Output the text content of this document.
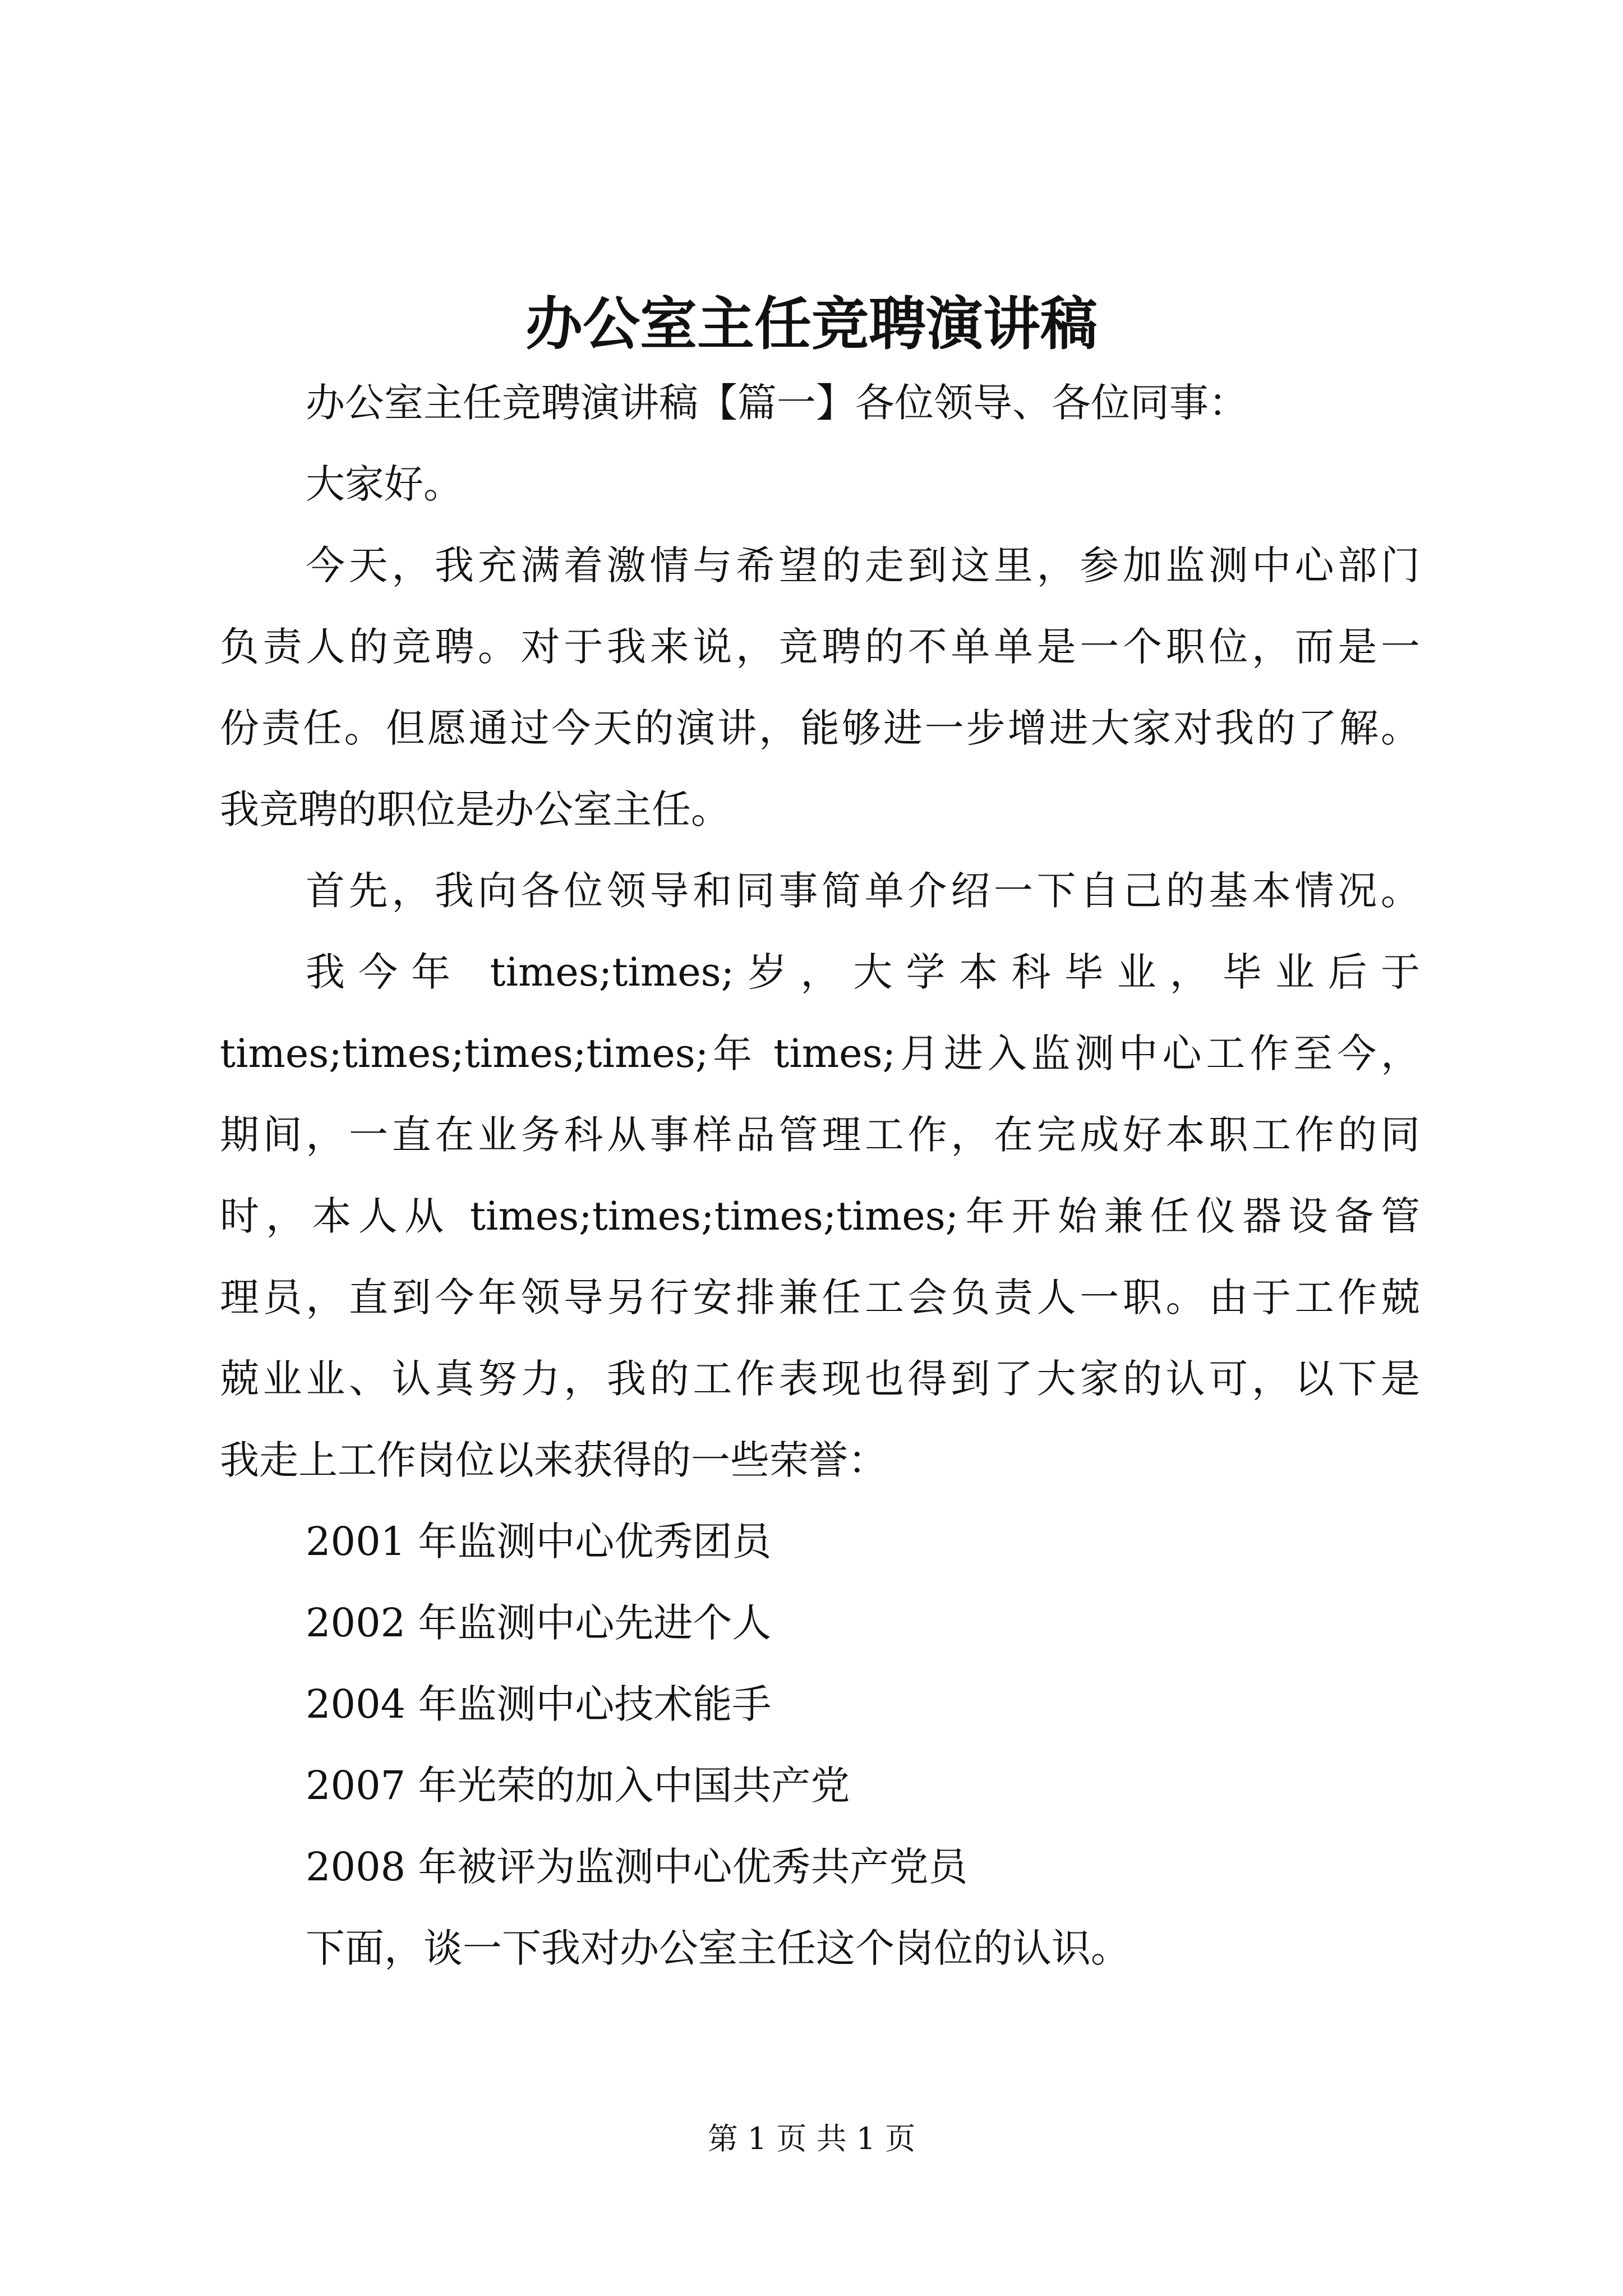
办公室主任竞聘演讲稿

办公室主任竞聘演讲稿【篇一】各位领导、各位同事：

大家好。

今天，我充满着激情与希望的走到这里，参加监测中心部门

负责人的竞聘。对于我来说，竞聘的不单单是一个职位，而是一

份责任。但愿通过今天的演讲，能够进一步增进大家对我的了解。

我竞聘的职位是办公室主任。

首先，我向各位领导和同事简单介绍一下自己的基本情况。

我今年 times;times;岁，大学本科毕业，毕业后于

times;times;times;times;年 times;月进入监测中心工作至今，

期间，一直在业务科从事样品管理工作，在完成好本职工作的同

时，本人从 times;times;times;times;年开始兼任仪器设备管

理员，直到今年领导另行安排兼任工会负责人一职。由于工作兢

兢业业、认真努力，我的工作表现也得到了大家的认可，以下是

我走上工作岗位以来获得的一些荣誉：

2001 年监测中心优秀团员

2002 年监测中心先进个人

2004 年监测中心技术能手

2007 年光荣的加入中国共产党

2008 年被评为监测中心优秀共产党员

下面，谈一下我对办公室主任这个岗位的认识。

第 1 页 共 1 页
